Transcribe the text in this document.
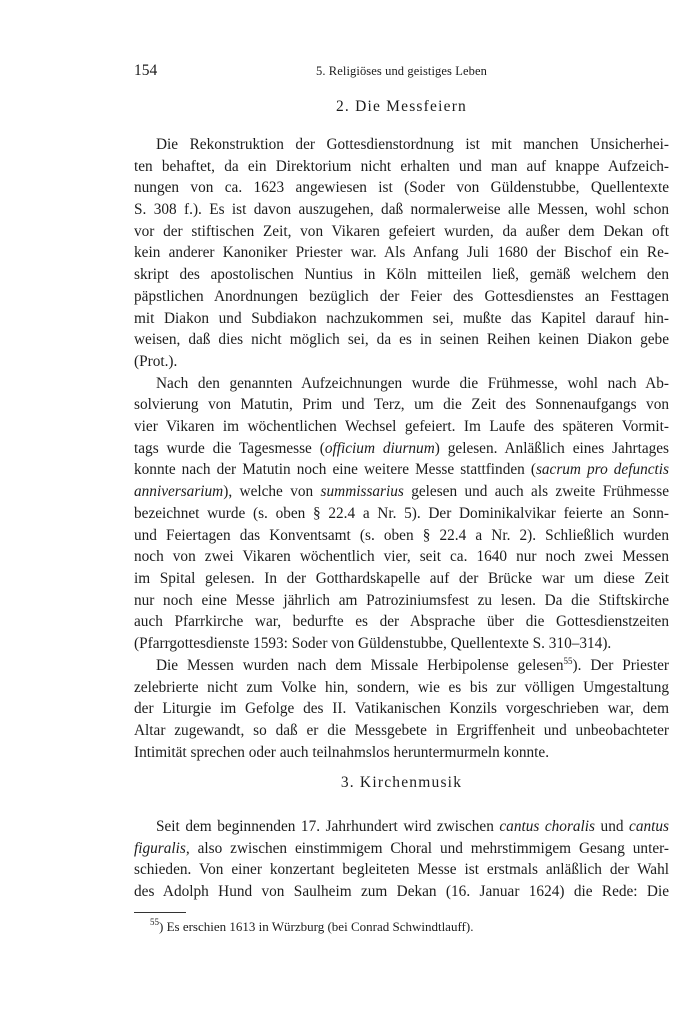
154	5. Religiöses und geistiges Leben
2. Die Messfeiern
Die Rekonstruktion der Gottesdienstordnung ist mit manchen Unsicherhei-
ten behaftet, da ein Direktorium nicht erhalten und man auf knappe Aufzeich-
nungen von ca. 1623 angewiesen ist (Soder von Güldenstubbe, Quellentexte
S. 308 f.). Es ist davon auszugehen, daß normalerweise alle Messen, wohl schon
vor der stiftischen Zeit, von Vikaren gefeiert wurden, da außer dem Dekan oft
kein anderer Kanoniker Priester war. Als Anfang Juli 1680 der Bischof ein Re-
skript des apostolischen Nuntius in Köln mitteilen ließ, gemäß welchem den
päpstlichen Anordnungen bezüglich der Feier des Gottesdienstes an Festtagen
mit Diakon und Subdiakon nachzukommen sei, mußte das Kapitel darauf hin-
weisen, daß dies nicht möglich sei, da es in seinen Reihen keinen Diakon gebe
(Prot.).
Nach den genannten Aufzeichnungen wurde die Frühmesse, wohl nach Ab-
solvierung von Matutin, Prim und Terz, um die Zeit des Sonnenaufgangs von
vier Vikaren im wöchentlichen Wechsel gefeiert. Im Laufe des späteren Vormit-
tags wurde die Tagesmesse (officium diurnum) gelesen. Anläßlich eines Jahrtages
konnte nach der Matutin noch eine weitere Messe stattfinden (sacrum pro defunctis
anniversarium), welche von summissarius gelesen und auch als zweite Frühmesse
bezeichnet wurde (s. oben § 22.4 a Nr. 5). Der Dominikalvikar feierte an Sonn-
und Feiertagen das Konventsamt (s. oben § 22.4 a Nr. 2). Schließlich wurden
noch von zwei Vikaren wöchentlich vier, seit ca. 1640 nur noch zwei Messen
im Spital gelesen. In der Gotthardskapelle auf der Brücke war um diese Zeit
nur noch eine Messe jährlich am Patroziniumsfest zu lesen. Da die Stiftskirche
auch Pfarrkirche war, bedurfte es der Absprache über die Gottesdienstzeiten
(Pfarrgottesdienste 1593: Soder von Güldenstubbe, Quellentexte S. 310–314).
Die Messen wurden nach dem Missale Herbipolense gelesen$^{55}$). Der Priester
zelebrierte nicht zum Volke hin, sondern, wie es bis zur völligen Umgestaltung
der Liturgie im Gefolge des II. Vatikanischen Konzils vorgeschrieben war, dem
Altar zugewandt, so daß er die Messgebete in Ergriffenheit und unbeobachteter
Intimität sprechen oder auch teilnahmslos heruntermurmeln konnte.
3. Kirchenmusik
Seit dem beginnenden 17. Jahrhundert wird zwischen cantus choralis und cantus
figuralis, also zwischen einstimmigem Choral und mehrstimmigem Gesang unter-
schieden. Von einer konzertant begleiteten Messe ist erstmals anläßlich der Wahl
des Adolph Hund von Saulheim zum Dekan (16. Januar 1624) die Rede: Die
$^{55}$) Es erschien 1613 in Würzburg (bei Conrad Schwindtlauff).
